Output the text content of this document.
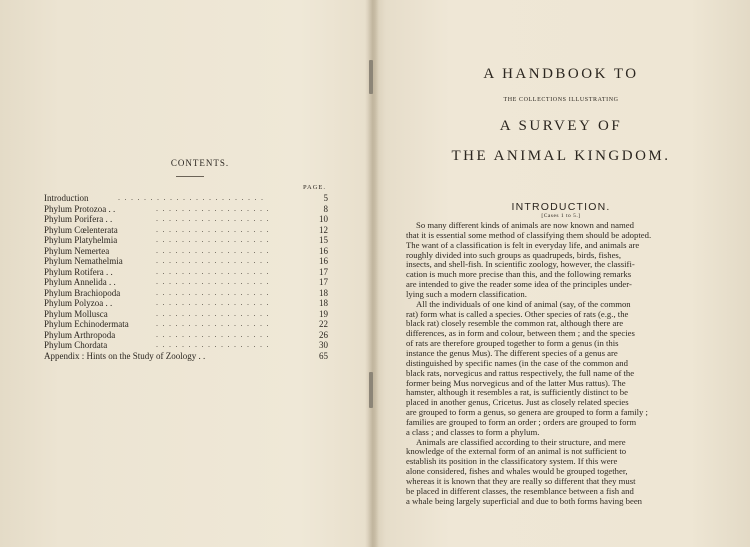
CONTENTS.
PAGE.
Introduction	.......................	5
Phylum Protozoa . .	..................	8
Phylum Porifera . .	..................	10
Phylum Cœlenterata	..................	12
Phylum Platyhelmia	..................	15
Phylum Nemertea	..................	16
Phylum Nemathelmia	..................	16
Phylum Rotifera . .	..................	17
Phylum Annelida . .	..................	17
Phylum Brachiopoda	..................	18
Phylum Polyzoa . .	..................	18
Phylum Mollusca	..................	19
Phylum Echinodermata	..................	22
Phylum Arthropoda	..................	26
Phylum Chordata	..................	30
Appendix : Hints on the Study of Zoology . .	65
A HANDBOOK TO
THE COLLECTIONS ILLUSTRATING
A SURVEY OF
THE ANIMAL KINGDOM.
INTRODUCTION.
[Cases 1 to 5.]
So many different kinds of animals are now known and named
that it is essential some method of classifying them should be adopted.
The want of a classification is felt in everyday life, and animals are
roughly divided into such groups as quadrupeds, birds, fishes,
insects, and shell-fish. In scientific zoology, however, the classifi-
cation is much more precise than this, and the following remarks
are intended to give the reader some idea of the principles under-
lying such a modern classification.
All the individuals of one kind of animal (say, of the common
rat) form what is called a species. Other species of rats (e.g., the
black rat) closely resemble the common rat, although there are
differences, as in form and colour, between them ; and the species
of rats are therefore grouped together to form a genus (in this
instance the genus Mus). The different species of a genus are
distinguished by specific names (in the case of the common and
black rats, norvegicus and rattus respectively, the full name of the
former being Mus norvegicus and of the latter Mus rattus). The
hamster, although it resembles a rat, is sufficiently distinct to be
placed in another genus, Cricetus. Just as closely related species
are grouped to form a genus, so genera are grouped to form a family ;
families are grouped to form an order ; orders are grouped to form
a class ; and classes to form a phylum.
Animals are classified according to their structure, and mere
knowledge of the external form of an animal is not sufficient to
establish its position in the classificatory system. If this were
alone considered, fishes and whales would be grouped together,
whereas it is known that they are really so different that they must
be placed in different classes, the resemblance between a fish and
a whale being largely superficial and due to both forms having been
